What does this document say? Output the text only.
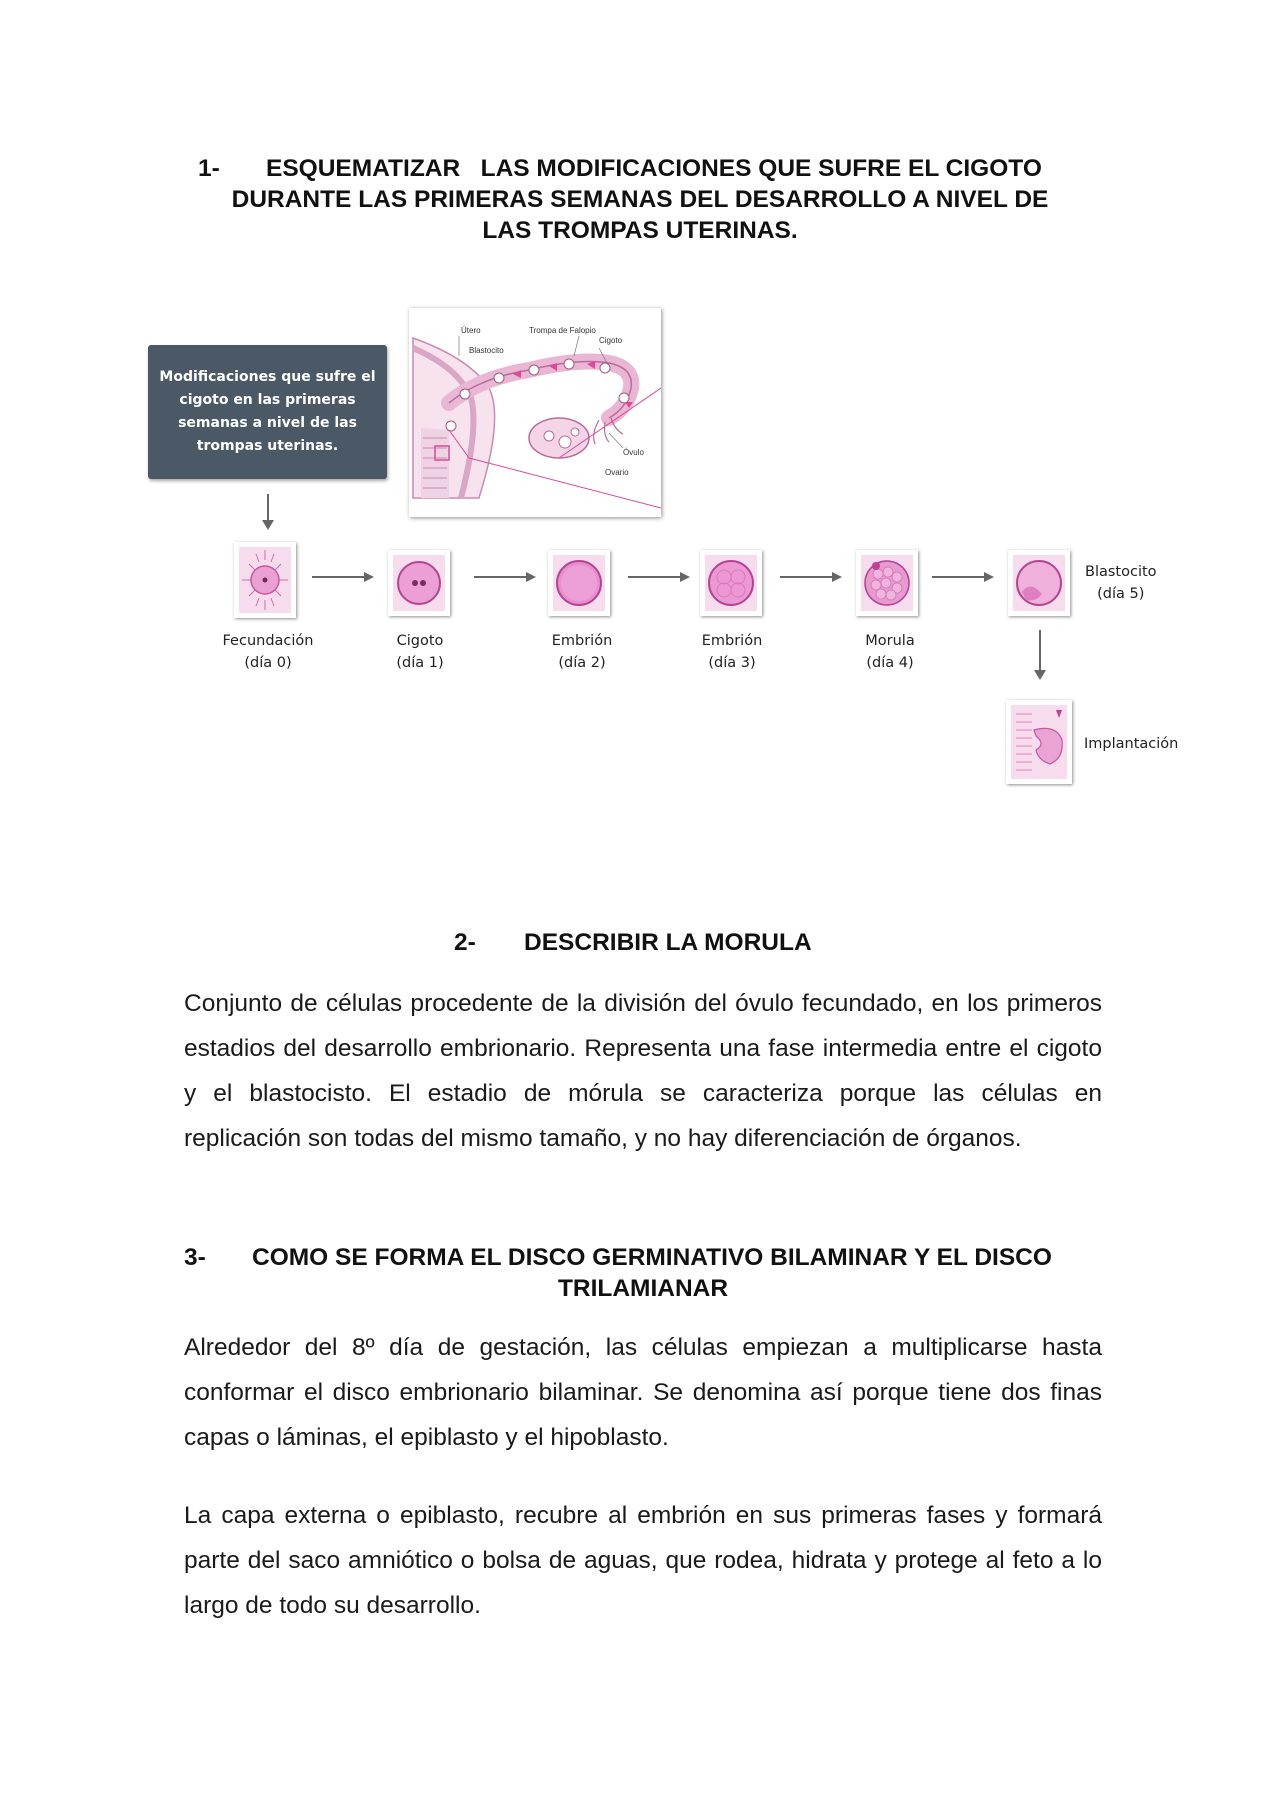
1-	ESQUEMATIZAR   LAS MODIFICACIONES QUE SUFRE EL CIGOTO
DURANTE LAS PRIMERAS SEMANAS DEL DESARROLLO A NIVEL DE
LAS TROMPAS UTERINAS.
Modificaciones que sufre el cigoto en las primeras semanas a nivel de las trompas uterinas.
Útero	Trompa de Falopio
Cigoto
Blastocito
Óvulo
Ovario
Fecundación
(día 0)
Cigoto
(día 1)
Embrión
(día 2)
Embrión
(día 3)
Morula
(día 4)
Blastocito
(día 5)
Implantación
2- DESCRIBIR LA MORULA

Conjunto de células procedente de la división del óvulo fecundado, en los primeros estadios del desarrollo embrionario. Representa una fase intermedia entre el cigoto y el blastocisto. El estadio de mórula se caracteriza porque las células en replicación son todas del mismo tamaño, y no hay diferenciación de órganos.

3- COMO SE FORMA EL DISCO GERMINATIVO BILAMINAR Y EL DISCO
TRILAMIANAR

Alrededor del 8º día de gestación, las células empiezan a multiplicarse hasta conformar el disco embrionario bilaminar. Se denomina así porque tiene dos finas capas o láminas, el epiblasto y el hipoblasto.

La capa externa o epiblasto, recubre al embrión en sus primeras fases y formará parte del saco amniótico o bolsa de aguas, que rodea, hidrata y protege al feto a lo largo de todo su desarrollo.
